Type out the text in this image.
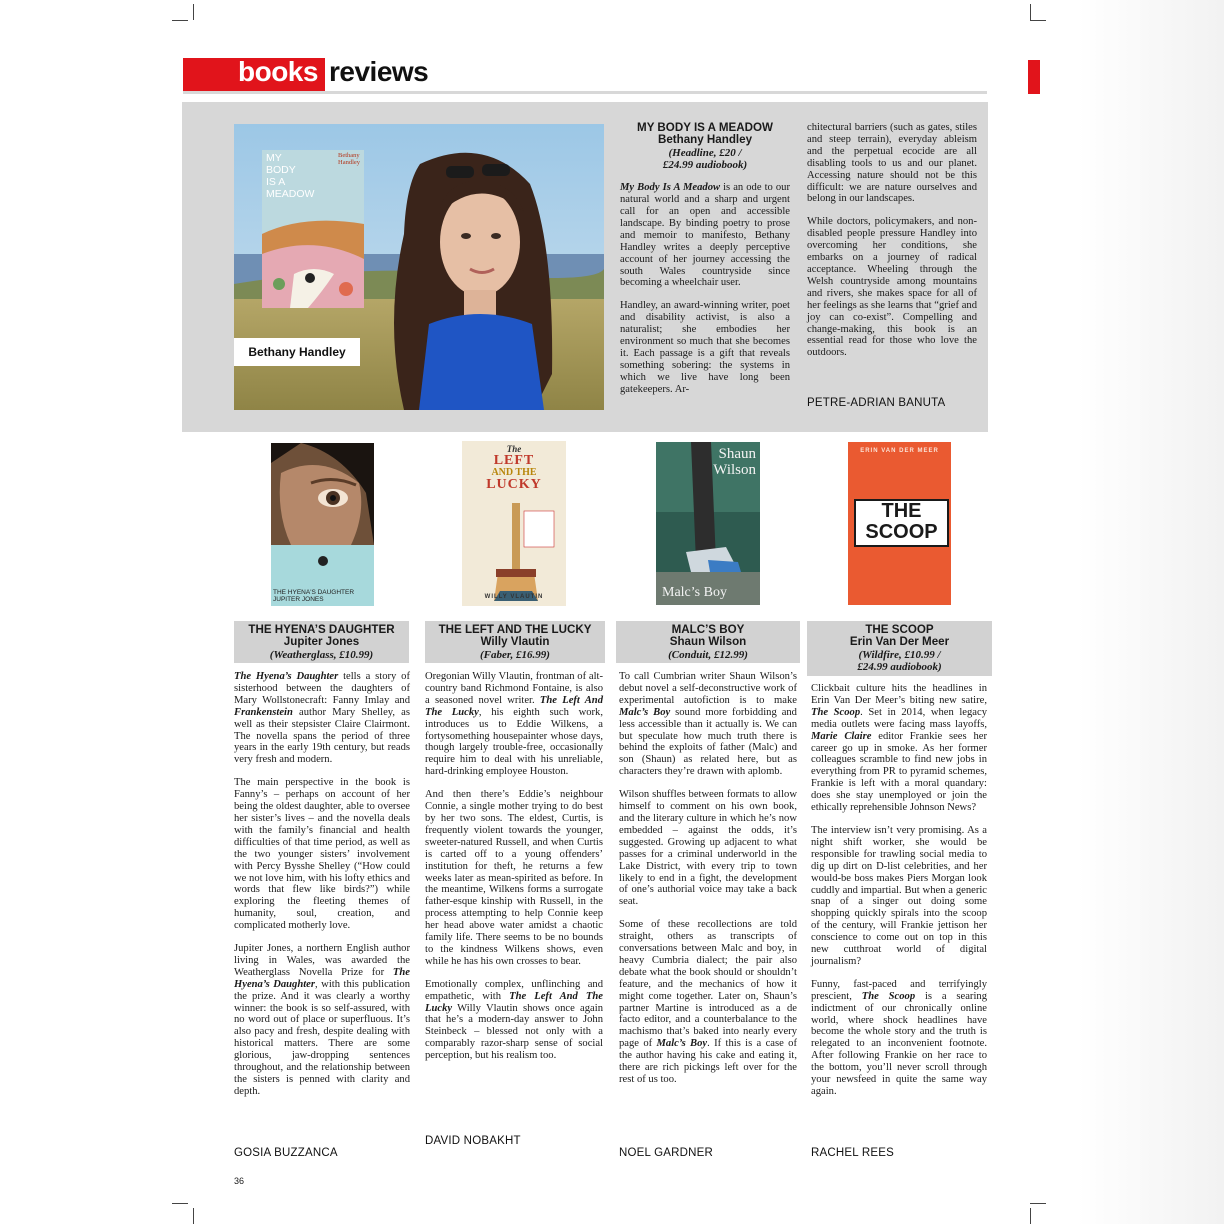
books reviews
MY
BODY
IS A
MEADOW
Bethany
Handley
Bethany Handley
MY BODY IS A MEADOW
Bethany Handley
(Headline, £20 /
£24.99 audiobook)

My Body Is A Meadow is an ode to our natural world and a sharp and urgent call for an open and accessible landscape. By binding poetry to prose and memoir to manifesto, Bethany Handley writes a deeply perceptive account of her journey accessing the south Wales countryside since becoming a wheelchair user.

Handley, an award-winning writer, poet and disability activist, is also a naturalist; she embodies her environment so much that she becomes it. Each passage is a gift that reveals something sobering: the systems in which we live have long been gatekeepers. Ar-

chitectural barriers (such as gates, stiles and steep terrain), everyday ableism and the perpetual ecocide are all disabling tools to us and our planet. Accessing nature should not be this difficult: we are nature ourselves and belong in our landscapes.

While doctors, policymakers, and non-disabled people pressure Handley into overcoming her conditions, she embarks on a journey of radical acceptance. Wheeling through the Welsh countryside among mountains and rivers, she makes space for all of her feelings as she learns that “grief and joy can co-exist”. Compelling and change-making, this book is an essential read for those who love the outdoors.

PETRE-ADRIAN BANUTA
THE HYENA'S DAUGHTER
JUPITER JONES
The
LEFT
AND THE
LUCKY
WILLY VLAUTIN
Shaun
Wilson
Malc’s Boy
ERIN VAN DER MEER
THE
SCOOP
THE HYENA’S DAUGHTER
Jupiter Jones
(Weatherglass, £10.99)

The Hyena’s Daughter tells a story of sisterhood between the daughters of Mary Wollstonecraft: Fanny Imlay and Frankenstein author Mary Shelley, as well as their stepsister Claire Clairmont. The novella spans the period of three years in the early 19th century, but reads very fresh and modern.

The main perspective in the book is Fanny’s – perhaps on account of her being the oldest daughter, able to oversee her sister’s lives – and the novella deals with the family’s financial and health difficulties of that time period, as well as the two younger sisters’ involvement with Percy Bysshe Shelley (“How could we not love him, with his lofty ethics and words that flew like birds?”) while exploring the fleeting themes of humanity, soul, creation, and complicated motherly love.

Jupiter Jones, a northern English author living in Wales, was awarded the Weatherglass Novella Prize for The Hyena’s Daughter, with this publication the prize. And it was clearly a worthy winner: the book is so self-assured, with no word out of place or superfluous. It’s also pacy and fresh, despite dealing with historical matters. There are some glorious, jaw-dropping sentences throughout, and the relationship between the sisters is penned with clarity and depth.

GOSIA BUZZANCA
THE LEFT AND THE LUCKY
Willy Vlautin
(Faber, £16.99)

Oregonian Willy Vlautin, frontman of alt-country band Richmond Fontaine, is also a seasoned novel writer. The Left And The Lucky, his eighth such work, introduces us to Eddie Wilkens, a fortysomething housepainter whose days, though largely trouble-free, occasionally require him to deal with his unreliable, hard-drinking employee Houston.

And then there’s Eddie’s neighbour Connie, a single mother trying to do best by her two sons. The eldest, Curtis, is frequently violent towards the younger, sweeter-natured Russell, and when Curtis is carted off to a young offenders’ institution for theft, he returns a few weeks later as mean-spirited as before. In the meantime, Wilkens forms a surrogate father-esque kinship with Russell, in the process attempting to help Connie keep her head above water amidst a chaotic family life. There seems to be no bounds to the kindness Wilkens shows, even while he has his own crosses to bear.

Emotionally complex, unflinching and empathetic, with The Left And The Lucky Willy Vlautin shows once again that he’s a modern-day answer to John Steinbeck – blessed not only with a comparably razor-sharp sense of social perception, but his realism too.

DAVID NOBAKHT
MALC’S BOY
Shaun Wilson
(Conduit, £12.99)

To call Cumbrian writer Shaun Wilson’s debut novel a self-deconstructive work of experimental autofiction is to make Malc’s Boy sound more forbidding and less accessible than it actually is. We can but speculate how much truth there is behind the exploits of father (Malc) and son (Shaun) as related here, but as characters they’re drawn with aplomb.

Wilson shuffles between formats to allow himself to comment on his own book, and the literary culture in which he’s now embedded – against the odds, it’s suggested. Growing up adjacent to what passes for a criminal underworld in the Lake District, with every trip to town likely to end in a fight, the development of one’s authorial voice may take a back seat.

Some of these recollections are told straight, others as transcripts of conversations between Malc and boy, in heavy Cumbria dialect; the pair also debate what the book should or shouldn’t feature, and the mechanics of how it might come together. Later on, Shaun’s partner Martine is introduced as a de facto editor, and a counterbalance to the machismo that’s baked into nearly every page of Malc’s Boy. If this is a case of the author having his cake and eating it, there are rich pickings left over for the rest of us too.

NOEL GARDNER
THE SCOOP
Erin Van Der Meer
(Wildfire, £10.99 /
£24.99 audiobook)

Clickbait culture hits the headlines in Erin Van Der Meer’s biting new satire, The Scoop. Set in 2014, when legacy media outlets were facing mass layoffs, Marie Claire editor Frankie sees her career go up in smoke. As her former colleagues scramble to find new jobs in everything from PR to pyramid schemes, Frankie is left with a moral quandary: does she stay unemployed or join the ethically reprehensible Johnson News?

The interview isn’t very promising. As a night shift worker, she would be responsible for trawling social media to dig up dirt on D-list celebrities, and her would-be boss makes Piers Morgan look cuddly and impartial. But when a generic snap of a singer out doing some shopping quickly spirals into the scoop of the century, will Frankie jettison her conscience to come out on top in this new cutthroat world of digital journalism?

Funny, fast-paced and terrifyingly prescient, The Scoop is a searing indictment of our chronically online world, where shock headlines have become the whole story and the truth is relegated to an inconvenient footnote. After following Frankie on her race to the bottom, you’ll never scroll through your newsfeed in quite the same way again.

RACHEL REES
36
